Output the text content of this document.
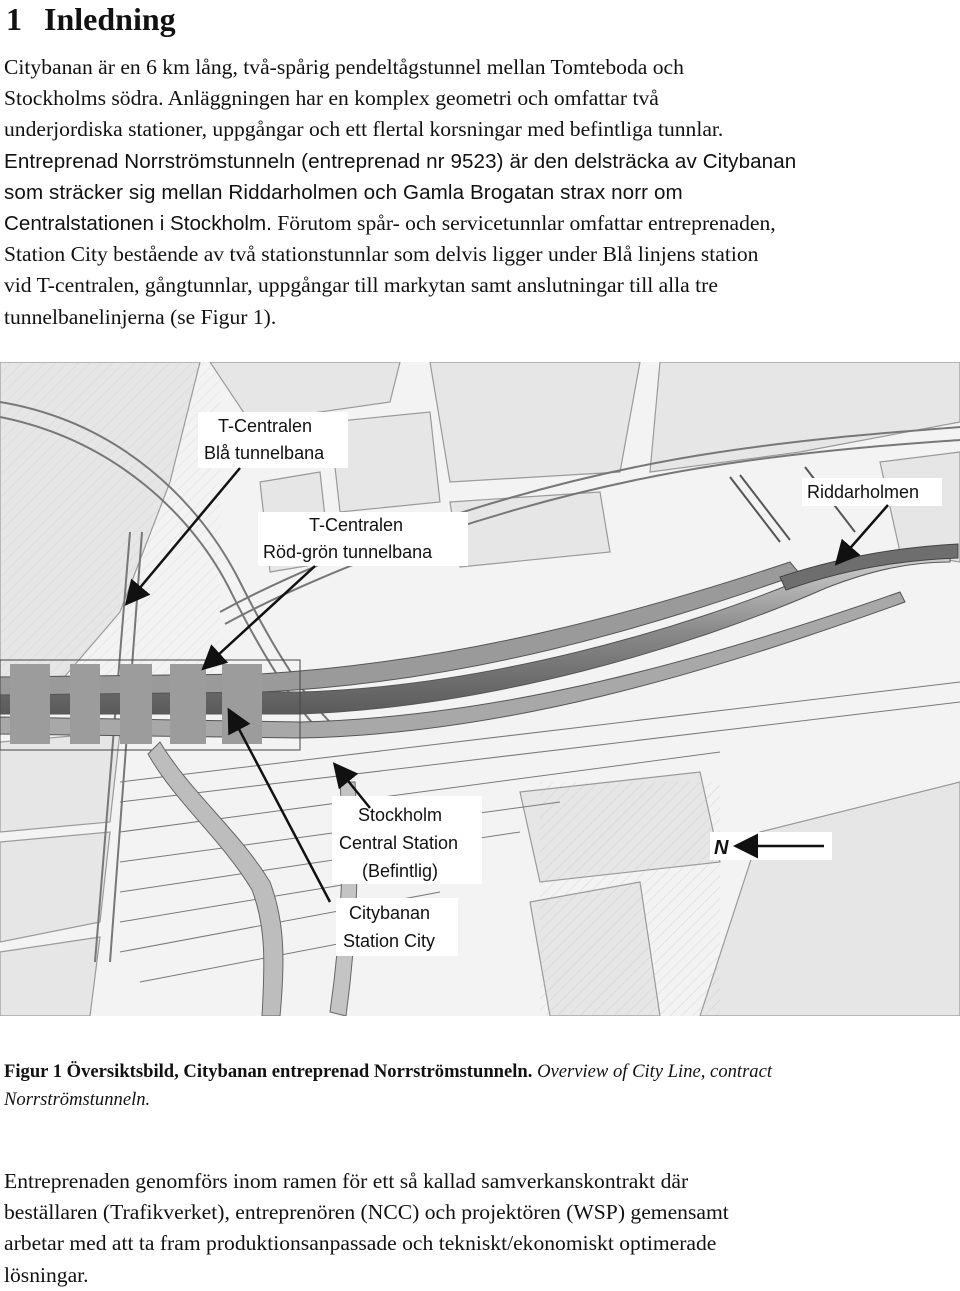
1 Inledning
Citybanan är en 6 km lång, två-spårig pendeltågstunnel mellan Tomteboda och
Stockholms södra. Anläggningen har en komplex geometri och omfattar två
underjordiska stationer, uppgångar och ett flertal korsningar med befintliga tunnlar.
Entreprenad Norrströmstunneln (entreprenad nr 9523) är den delsträcka av Citybanan
som sträcker sig mellan Riddarholmen och Gamla Brogatan strax norr om
Centralstationen i Stockholm. Förutom spår- och servicetunnlar omfattar entreprenaden,
Station City bestående av två stationstunnlar som delvis ligger under Blå linjens station
vid T-centralen, gångtunnlar, uppgångar till markytan samt anslutningar till alla tre
tunnelbanelinjerna (se Figur 1).
T-Centralen
Blå tunnelbana
T-Centralen
Röd-grön tunnelbana
Riddarholmen
Stockholm
Central Station
(Befintlig)
Citybanan
Station City
N

Figur 1 Översiktsbild, Citybanan entreprenad Norrströmstunneln. Overview of City Line, contract
Norrströmstunneln.

Entreprenaden genomförs inom ramen för ett så kallad samverkanskontrakt där
beställaren (Trafikverket), entreprenören (NCC) och projektören (WSP) gemensamt
arbetar med att ta fram produktionsanpassade och tekniskt/ekonomiskt optimerade
lösningar.
